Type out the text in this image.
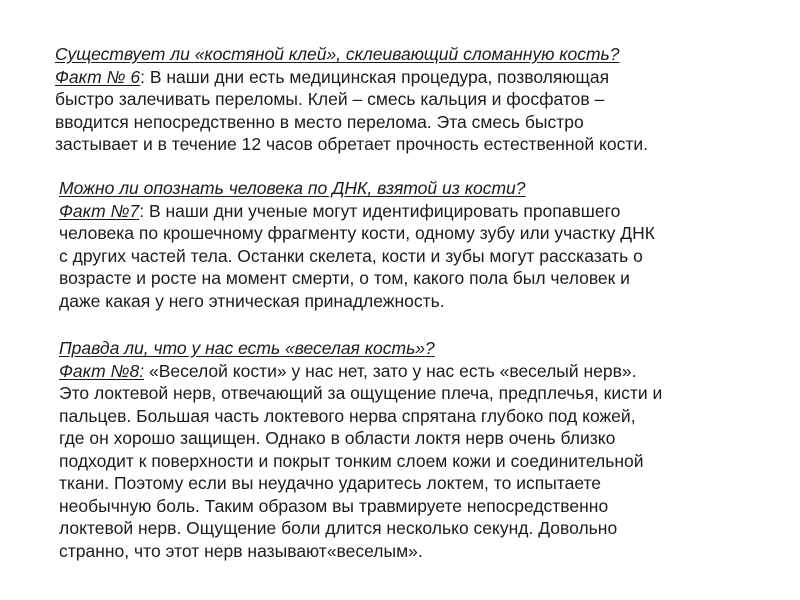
Существует ли «костяной клей», склеивающий сломанную кость?

Факт № 6: В наши дни есть медицинская процедура, позволяющая

быстро залечивать переломы. Клей – смесь кальция и фосфатов –

вводится непосредственно в место перелома. Эта смесь быстро

застывает и в течение 12 часов обретает прочность естественной кости.

Можно ли опознать человека по ДНК, взятой из кости?

Факт №7: В наши дни ученые могут идентифицировать пропавшего

человека по крошечному фрагменту кости, одному зубу или участку ДНК

с других частей тела. Останки скелета, кости и зубы могут рассказать о

возрасте и росте на момент смерти, о том, какого пола был человек и

даже какая у него этническая принадлежность.

Правда ли, что у нас есть «веселая кость»?

Факт №8: «Веселой кости» у нас нет, зато у нас есть «веселый нерв».

Это локтевой нерв, отвечающий за ощущение плеча, предплечья, кисти и

пальцев. Большая часть локтевого нерва спрятана глубоко под кожей,

где он хорошо защищен. Однако в области локтя нерв очень близко

подходит к поверхности и покрыт тонким слоем кожи и соединительной

ткани. Поэтому если вы неудачно ударитесь локтем, то испытаете

необычную боль. Таким образом вы травмируете непосредственно

локтевой нерв. Ощущение боли длится несколько секунд. Довольно

странно, что этот нерв называют«веселым».
